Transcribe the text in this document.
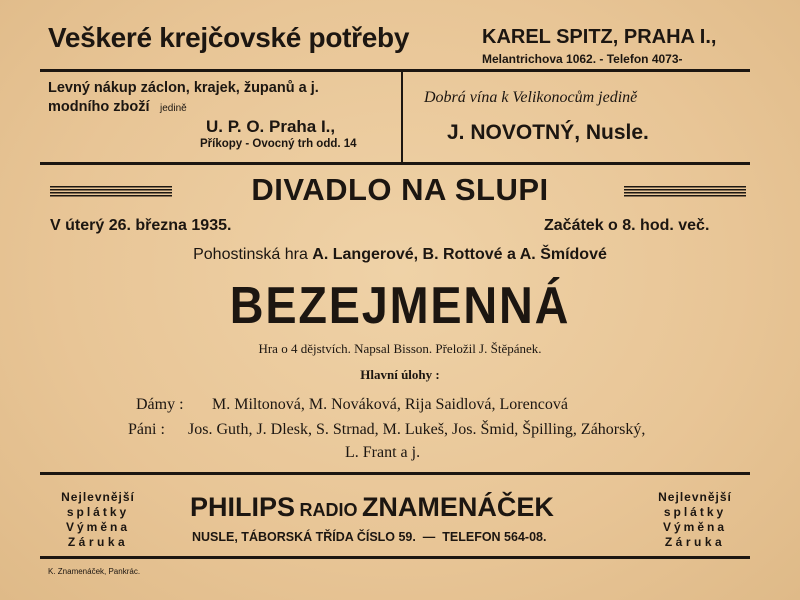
Veškeré krejčovské potřeby	KAREL SPITZ, PRAHA I.,
Melantrichova 1062. - Telefon 4073-
Levný nákup záclon, krajek, županů a j.
modního zboží jedině
U. P. O. Praha I.,
Příkopy - Ovocný trh odd. 14
Dobrá vína k Velikonocům jedině
J. NOVOTNÝ, Nusle.
DIVADLO NA SLUPI
V úterý 26. března 1935.	Začátek o 8. hod. več.
Pohostinská hra A. Langerové, B. Rottové a A. Šmídové
BEZEJMENNÁ
Hra o 4 dějstvích. Napsal Bisson. Přeložil J. Štěpánek.
Hlavní úlohy :
Dámy : M. Miltonová, M. Nováková, Rija Saidlová, Lorencová
Páni : Jos. Guth, J. Dlesk, S. Strnad, M. Lukeš, Jos. Šmid, Špilling, Záhorský,
L. Frant a j.
Nejlevnější
splátky
Výměna
Záruka
PHILIPS RADIO ZNAMENÁČEK
NUSLE, TÁBORSKÁ TŘÍDA ČÍSLO 59.  —  TELEFON 564-08.
Nejlevnější
splátky
Výměna
Záruka
K. Znamenáček, Pankrác.
